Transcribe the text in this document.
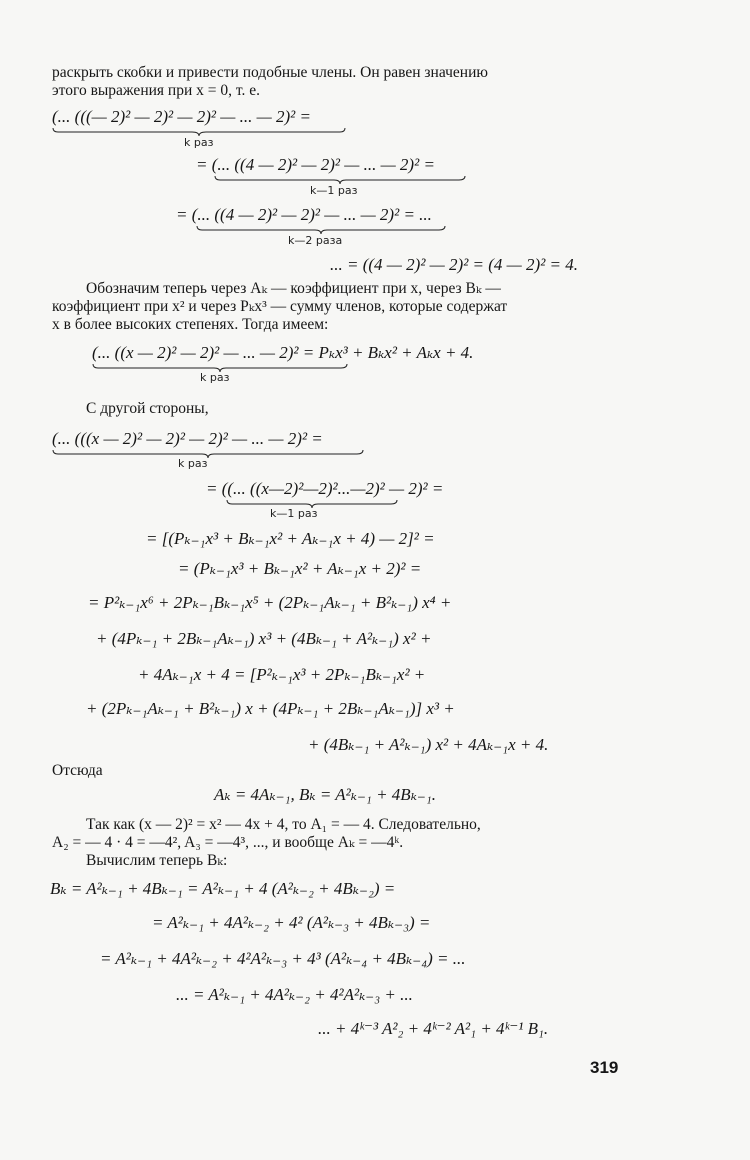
раскрыть скобки и привести подобные члены. Он равен значению
этого выражения при x = 0, т. е.
(... (((— 2)² — 2)² — 2)² — ... — 2)² =
k раз
= (... ((4 — 2)² — 2)² — ... — 2)² =
k—1 раз
= (... ((4 — 2)² — 2)² — ... — 2)² = ...
k—2 раза
... = ((4 — 2)² — 2)² = (4 — 2)² = 4.
Обозначим теперь через Aₖ — коэффициент при x, через Bₖ —
коэффициент при x² и через Pₖx³ — сумму членов, которые содержат
x в более высоких степенях. Тогда имеем:
(... ((x — 2)² — 2)² — ... — 2)² = Pₖx³ + Bₖx² + Aₖx + 4.
k раз
С другой стороны,
(... (((x — 2)² — 2)² — 2)² — ... — 2)² =
k раз
= ((... ((x—2)²—2)²...—2)² — 2)² =
k—1 раз
= [(Pₖ₋₁x³ + Bₖ₋₁x² + Aₖ₋₁x + 4) — 2]² =
= (Pₖ₋₁x³ + Bₖ₋₁x² + Aₖ₋₁x + 2)² =
= P²ₖ₋₁x⁶ + 2Pₖ₋₁Bₖ₋₁x⁵ + (2Pₖ₋₁Aₖ₋₁ + B²ₖ₋₁) x⁴ +
+ (4Pₖ₋₁ + 2Bₖ₋₁Aₖ₋₁) x³ + (4Bₖ₋₁ + A²ₖ₋₁) x² +
+ 4Aₖ₋₁x + 4 = [P²ₖ₋₁x³ + 2Pₖ₋₁Bₖ₋₁x² +
+ (2Pₖ₋₁Aₖ₋₁ + B²ₖ₋₁) x + (4Pₖ₋₁ + 2Bₖ₋₁Aₖ₋₁)] x³ +
+ (4Bₖ₋₁ + A²ₖ₋₁) x² + 4Aₖ₋₁x + 4.
Отсюда
Aₖ = 4Aₖ₋₁, Bₖ = A²ₖ₋₁ + 4Bₖ₋₁.
Так как (x — 2)² = x² — 4x + 4, то A₁ = — 4. Следовательно,
A₂ = — 4 · 4 = —4², A₃ = —4³, ..., и вообще Aₖ = —4ᵏ.
Вычислим теперь Bₖ:
Bₖ = A²ₖ₋₁ + 4Bₖ₋₁ = A²ₖ₋₁ + 4 (A²ₖ₋₂ + 4Bₖ₋₂) =
= A²ₖ₋₁ + 4A²ₖ₋₂ + 4² (A²ₖ₋₃ + 4Bₖ₋₃) =
= A²ₖ₋₁ + 4A²ₖ₋₂ + 4²A²ₖ₋₃ + 4³ (A²ₖ₋₄ + 4Bₖ₋₄) = ...
... = A²ₖ₋₁ + 4A²ₖ₋₂ + 4²A²ₖ₋₃ + ...
... + 4ᵏ⁻³ A²₂ + 4ᵏ⁻² A²₁ + 4ᵏ⁻¹ B₁.
319
